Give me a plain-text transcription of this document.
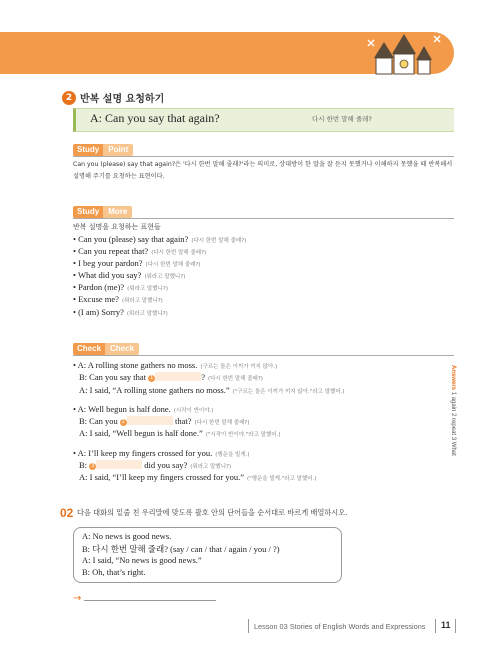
2 반복 설명 요청하기
A: Can you say that again?	다시 한번 말해 줄래?
Study	Point
Can you (please) say that again?은 '다시 한번 말해 줄래?'라는 의미로, 상대방이 한 말을 잘 듣지 못했거나 이해하지 못했을 때 반복해서
설명해 주기를 요청하는 표현이다.
Study	More
반복 설명을 요청하는 표현들
• Can you (please) say that again? (다시 한번 말해 줄래?)
• Can you repeat that? (다시 한번 말해 줄래?)
• I beg your pardon? (다시 한번 말해 줄래?)
• What did you say? (뭐라고 말했니?)
• Pardon (me)? (뭐라고 말했니?)
• Excuse me? (뭐라고 말했니?)
• (I am) Sorry? (뭐라고 말했니?)
Check	Check
• A: A rolling stone gathers no moss. (구르는 돌은 이끼가 끼지 않아.)
B: Can you say that 1	? (다시 한번 말해 줄래?)
A: I said, “A rolling stone gathers no moss.” ("구르는 돌은 이끼가 끼지 않아."라고 말했어.)
• A: Well begun is half done. (시작이 반이야.)
B: Can you 2	that? (다시 한번 말해 줄래?)
A: I said, “Well begun is half done.” ("시작이 반이야."라고 말했어.)
• A: I’ll keep my fingers crossed for you. (행운을 빌게.)
B: 3	did you say? (뭐라고 말했니?)
A: I said, “I’ll keep my fingers crossed for you.” ("행운을 빌게."라고 말했어.)
Answers 1 again 2 repeat 3 What
02 다음 대화의 밑줄 친 우리말에 맞도록 괄호 안의 단어들을 순서대로 바르게 배열하시오.
A: No news is good news.
B: 다시 한번 말해 줄래? (say / can / that / again / you / ?)
A: I said, “No news is good news.”
B: Oh, that’s right.
→
Lesson 03 Stories of English Words and Expressions 11
